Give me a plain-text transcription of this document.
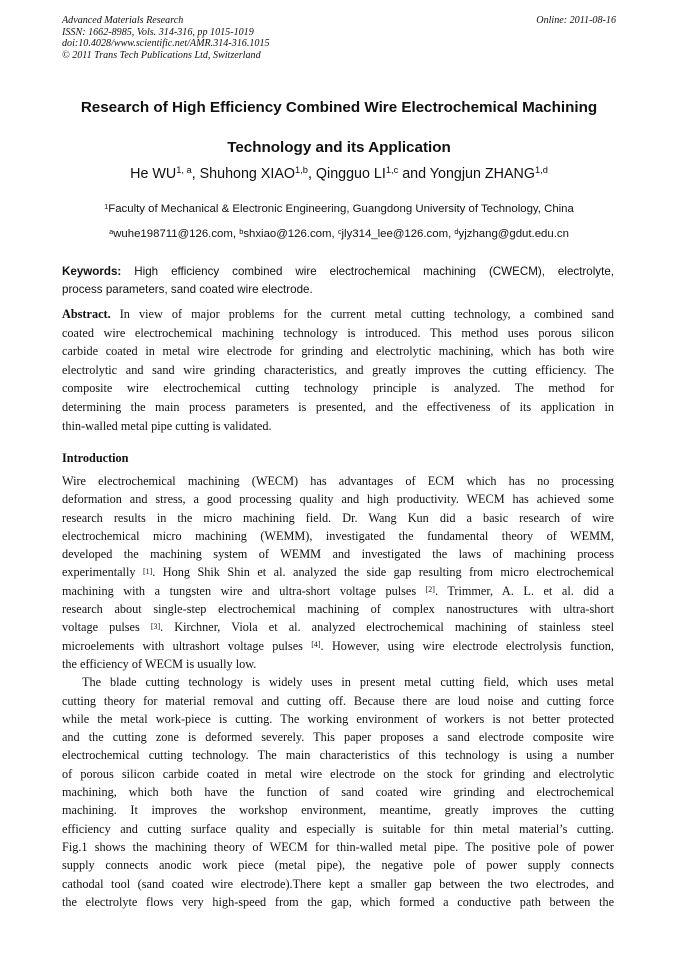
Advanced Materials Research
ISSN: 1662-8985, Vols. 314-316, pp 1015-1019
doi:10.4028/www.scientific.net/AMR.314-316.1015
© 2011 Trans Tech Publications Ltd, Switzerland
Online: 2011-08-16
Research of High Efficiency Combined Wire Electrochemical Machining
Technology and its Application
He WU$^{1, a}$, Shuhong XIAO$^{1,b}$, Qingguo LI$^{1,c}$ and Yongjun ZHANG$^{1,d}$
$^1$Faculty of Mechanical & Electronic Engineering, Guangdong University of Technology, China
$^a$wuhe198711@126.com, $^b$shxiao@126.com, $^c$jly314_lee@126.com, $^d$yjzhang@gdut.edu.cn
Keywords: High efficiency combined wire electrochemical machining (CWECM), electrolyte,
process parameters, sand coated wire electrode.
Abstract. In view of major problems for the current metal cutting technology, a combined sand
coated wire electrochemical machining technology is introduced. This method uses porous silicon
carbide coated in metal wire electrode for grinding and electrolytic machining, which has both wire
electrolytic and sand wire grinding characteristics, and greatly improves the cutting efficiency. The
composite wire electrochemical cutting technology principle is analyzed. The method for
determining the main process parameters is presented, and the effectiveness of its application in
thin-walled metal pipe cutting is validated.
Introduction
Wire electrochemical machining (WECM) has advantages of ECM which has no processing
deformation and stress, a good processing quality and high productivity. WECM has achieved some
research results in the micro machining field. Dr. Wang Kun did a basic research of wire
electrochemical micro machining (WEMM), investigated the fundamental theory of WEMM,
developed the machining system of WEMM and investigated the laws of machining process
experimentally [1]. Hong Shik Shin et al. analyzed the side gap resulting from micro electrochemical
machining with a tungsten wire and ultra-short voltage pulses [2]. Trimmer, A. L. et al. did a
research about single-step electrochemical machining of complex nanostructures with ultra-short
voltage pulses [3]. Kirchner, Viola et al. analyzed electrochemical machining of stainless steel
microelements with ultrashort voltage pulses [4]. However, using wire electrode electrolysis function,
the efficiency of WECM is usually low.
The blade cutting technology is widely uses in present metal cutting field, which uses metal
cutting theory for material removal and cutting off. Because there are loud noise and cutting force
while the metal work-piece is cutting. The working environment of workers is not better protected
and the cutting zone is deformed severely. This paper proposes a sand electrode composite wire
electrochemical cutting technology. The main characteristics of this technology is using a number
of porous silicon carbide coated in metal wire electrode on the stock for grinding and electrolytic
machining, which both have the function of sand coated wire grinding and electrochemical
machining. It improves the workshop environment, meantime, greatly improves the cutting
efficiency and cutting surface quality and especially is suitable for thin metal material’s cutting.
Fig.1 shows the machining theory of WECM for thin-walled metal pipe. The positive pole of power
supply connects anodic work piece (metal pipe), the negative pole of power supply connects
cathodal tool (sand coated wire electrode).There kept a smaller gap between the two electrodes, and
the electrolyte flows very high-speed from the gap, which formed a conductive path between the
